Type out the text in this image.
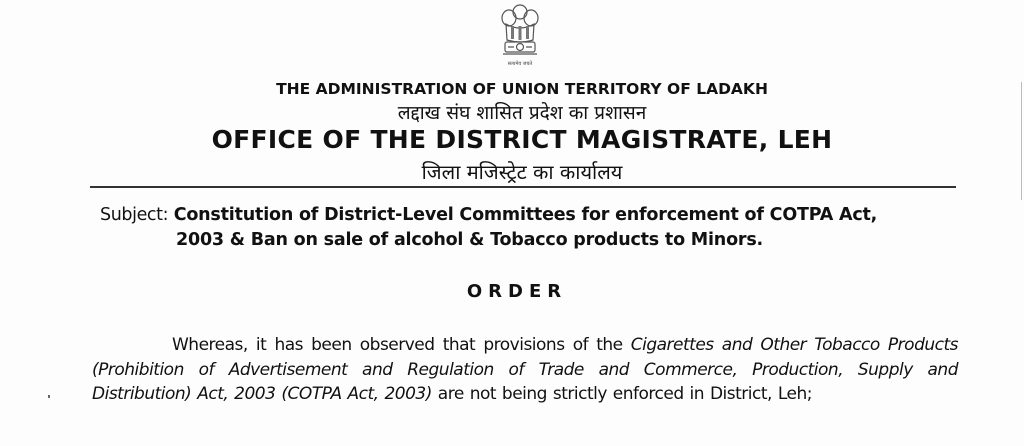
सत्यमेव जयते
THE ADMINISTRATION OF UNION TERRITORY OF LADAKH
लद्दाख संघ शासित प्रदेश का प्रशासन
OFFICE OF THE DISTRICT MAGISTRATE, LEH
जिला मजिस्ट्रेट का कार्यालय
Subject: Constitution of District-Level Committees for enforcement of COTPA Act,
2003 & Ban on sale of alcohol & Tobacco products to Minors.
ORDER
Whereas, it has been observed that provisions of the Cigarettes and Other Tobacco Products (Prohibition of Advertisement and Regulation of Trade and Commerce, Production, Supply and Distribution) Act, 2003 (COTPA Act, 2003) are not being strictly enforced in District, Leh;
